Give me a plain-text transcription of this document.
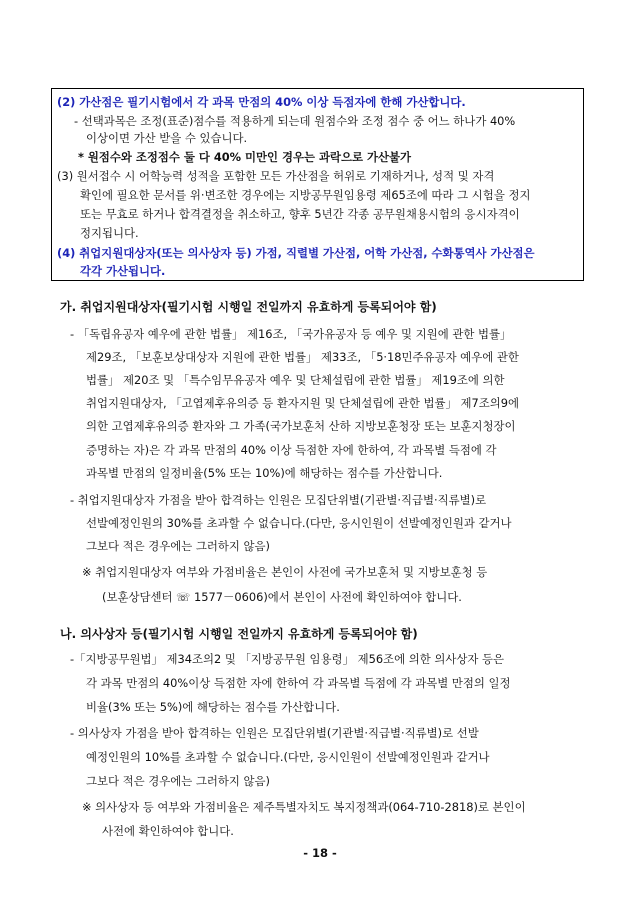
(2) 가산점은 필기시험에서 각 과목 만점의 40% 이상 득점자에 한해 가산합니다.
- 선택과목은 조정(표준)점수를 적용하게 되는데 원점수와 조정 점수 중 어느 하나가 40%
이상이면 가산 받을 수 있습니다.
* 원점수와 조정점수 둘 다 40% 미만인 경우는 과락으로 가산불가
(3) 원서접수 시 어학능력 성적을 포함한 모든 가산점을 허위로 기재하거나, 성적 및 자격
확인에 필요한 문서를 위·변조한 경우에는 지방공무원임용령 제65조에 따라 그 시험을 정지
또는 무효로 하거나 합격결정을 취소하고, 향후 5년간 각종 공무원채용시험의 응시자격이
정지됩니다.
(4) 취업지원대상자(또는 의사상자 등) 가점, 직렬별 가산점, 어학 가산점, 수화통역사 가산점은
각각 가산됩니다.
가. 취업지원대상자(필기시험 시행일 전일까지 유효하게 등록되어야 함)
- 「독립유공자 예우에 관한 법률」 제16조, 「국가유공자 등 예우 및 지원에 관한 법률」
제29조, 「보훈보상대상자 지원에 관한 법률」 제33조, 「5·18민주유공자 예우에 관한
법률」 제20조 및 「특수임무유공자 예우 및 단체설립에 관한 법률」 제19조에 의한
취업지원대상자, 「고엽제후유의증 등 환자지원 및 단체설립에 관한 법률」 제7조의9에
의한 고엽제후유의증 환자와 그 가족(국가보훈처 산하 지방보훈청장 또는 보훈지청장이
증명하는 자)은 각 과목 만점의 40% 이상 득점한 자에 한하여, 각 과목별 득점에 각
과목별 만점의 일정비율(5% 또는 10%)에 해당하는 점수를 가산합니다.
- 취업지원대상자 가점을 받아 합격하는 인원은 모집단위별(기관별·직급별·직류별)로
선발예정인원의 30%를 초과할 수 없습니다.(다만, 응시인원이 선발예정인원과 같거나
그보다 적은 경우에는 그러하지 않음)
※ 취업지원대상자 여부와 가점비율은 본인이 사전에 국가보훈처 및 지방보훈청 등
(보훈상담센터 ☏ 1577－0606)에서 본인이 사전에 확인하여야 합니다.
나. 의사상자 등(필기시험 시행일 전일까지 유효하게 등록되어야 함)
-「지방공무원법」 제34조의2 및 「지방공무원 임용령」 제56조에 의한 의사상자 등은
각 과목 만점의 40%이상 득점한 자에 한하여 각 과목별 득점에 각 과목별 만점의 일정
비율(3% 또는 5%)에 해당하는 점수를 가산합니다.
- 의사상자 가점을 받아 합격하는 인원은 모집단위별(기관별·직급별·직류별)로 선발
예정인원의 10%를 초과할 수 없습니다.(다만, 응시인원이 선발예정인원과 같거나
그보다 적은 경우에는 그러하지 않음)
※ 의사상자 등 여부와 가점비율은 제주특별자치도 복지정책과(064-710-2818)로 본인이
사전에 확인하여야 합니다.
- 18 -
